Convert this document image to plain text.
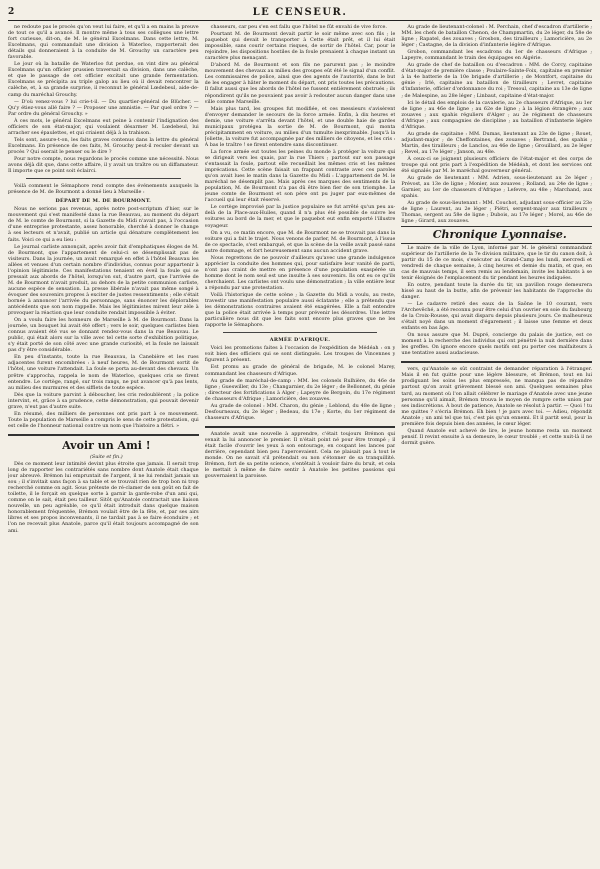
2	LE CENSEUR.

ne redoute pas le procès qu'on veut lui faire, et qu'il a en mains la preuve de tout ce qu'il a avancé. Il montre même à tous ses collègues une lettre fort curieuse, dit-on, de M. le général Excelmans. Dans cette lettre, M. Excelmans, qui commandait une division à Waterloo, rapporterait des détails qui donneraient à la conduite de M. Grouchy un caractère peu favorable.

Le jour où la bataille de Waterloo fut perdue, on vint dire au général Excelmans qu'un officier prussien traversait sa division, dans une calèche, et que le passage de cet officier excitait une grande fermentation. Excelmans se précipita au triple galop au lieu où il devait rencontrer la calèche, et, à sa grande surprise, il reconnut le général Lœdebeul, aide-de-camp du maréchal Grouchy.

— D'où venez-vous ? lui crie-t-il. — Du quartier-général de Blücher. — Qu'y étiez-vous allé faire ? — Proposer une amnistie. — Par quel ordre ? — Par ordre du général Grouchy. »

À ces mots, le général Excelmans eut peine à contenir l'indignation des officiers de son état-major, qui voulaient désarmer M. Lœdebeul, lui arracher ses épaulettes, et qui criaient déjà à la trahison.

Tels sont, assure-t-on, les faits graves contenus dans la lettre du général Excelmans. En présence de ces faits, M. Grouchy peut-il reculer devant un procès ? Qui oserait le penser ou le dire ?

Pour notre compte, nous regardons le procès comme une nécessité. Nous avons déjà dit que, dans cette affaire, il y avait un traître ou un diffamateur. Il importe que ce point soit éclairci.

Voilà comment le Sémaphore rend compte des événements auxquels la présence de M. de Bourmont a donné lieu à Marseille :

DÉPART DE M. DE BOURMONT.

Nous ne serions pas revenus, après notre post-scriptum d'hier, sur le mouvement qui s'est manifesté dans la rue Beauvau, au moment du départ de M. le comte de Bourmont, si la Gazette du Midi n'avait pas, à l'occasion d'une entreprise protestante, assez honorable, cherché à donner le change à ses lecteurs et n'avait, publié un article qui dénature complètement les faits. Voici ce qui a eu lieu :

Le journal carliste annonçait, après avoir fait d'emphatiques éloges de M. de Bourmont, que l'appartement de celui-ci se désemplissait pas de visiteurs. Dans la journée, un avait remarqué en effet à l'hôtel Beauvau les allées et venues d'un certain nombre d'individus, connus pour appartenir à l'opinion légitimiste. Ces manifestations tenaient en éveil la foule qui se pressait aux abords de l'hôtel, lorsqu'on sut, d'autre part, que l'arrivée de M. de Bourmont n'avait produit, au dehors de la petite communion carliste, aucune espèce de sensation. La presse libérale n'avait pas même songé à évoquer des souvenirs propres à exciter de justes ressentiments ; elle s'était bornée à annoncer l'arrivée du personnage, sans énoncer les déplorables antécédents que son nom rappelle. Mais les légitimistes mirent leur zèle à provoquer la réaction que leur conduite rendait impossible à éviter.

On a voulu faire les honneurs de Marseille à M. de Bourmont. Dans la journée, un bouquet lui avait été offert ; vers le soir, quelques carlistes bien connus avaient été vus se donnant rendez-vous dans la rue Beauvau. Le public, qui était alors sur la ville avec tel cette sorte d'exhibition politique, s'y était porté de son côté avec une grande curiosité, et la foule ne laissait pas d'y être considérable.

En peu d'instants, toute la rue Beauvau, la Canebière et les rues adjacentes furent encombrées : à neuf heures, M. de Bourmont sortit de l'hôtel, une voiture l'attendait. La foule se porta au-devant des chevaux. Un prêtre s'approcha, rappela le nom de Waterloo, quelques cris se firent entendre. Le cortège, rangé, sur trois rangs, ne put avancer qu'à pas lents, au milieu des murmures et des sifflets de toute espèce.

Dès que la voiture parvint à déboucher, les cris redoublèrent ; la police intervint, et, grâce à sa prudence, cette démonstration, qui pouvait devenir grave, n'eut pas d'autre suite.

En résumé, des milliers de personnes ont pris part à ce mouvement. Toute la population de Marseille a compris le sens de cette protestation, qui est celle de l'honneur national contre un nom que l'histoire a flétri. »

Avoir un Ami !

(Suite et fin.)

Dès ce moment leur intimité devint plus étroite que jamais. Il serait trop long de rapporter les contrariétés sans nombre dont Anatole était chaque jour abreuvé. Brémon lui empruntait de l'argent, il ne lui rendait jamais un sou ; il s'invitait sans façon à sa table et se trouvait rien de trop bon ni trop recherché comme on agit. Sous prétexte de ré-clamer de son goût en fait de toilette, il le forçait en quelque sorte à garnir la garde-robe d'un ami qui, comme on le sait, était peu tailleur. Sitôt qu'Anatole contractait une liaison nouvelle, un peu agréable, ce qu'il était introduit dans quelque maison honorablement fréquentée, Brémon voulait être de la fête, et, par ses airs libres et ses propos inconvenants, il ne tardait pas à se faire éconduire ; et l'on ne recevait plus Anatole, parce qu'il était toujours accompagné de son ami.

chasseurs, car peu s'en est fallu que l'hôtel ne fût envahi de vive force.

Pourtant M. de Bourmont devait partir le soir même avec son fils ; le paquebot qui devait le transporter à Cette était prêt, et il lui était impossible, sans courir certains risques, de sortir de l'hôtel. Car, pour le rejoindre, les dispositions hostiles de la foule prenaient à chaque instant un caractère plus menaçant.

D'abord M. de Bourmont et son fils ne parurent pas ; le moindre mouvement des chevaux au milieu des groupes eût été le signal d'un conflit. Les commissaires de police, ainsi que des agents de l'autorité, dans le but de les engager à hâter le moment du départ, ont pris toutes les précautions. Il fallut aussi que les abords de l'hôtel ne fussent entièrement obstrués ; ils répondirent qu'ils ne pouvaient pas avoir à redouter aucun danger dans une ville comme Marseille.

Mais plus tard, les groupes fut modifiée, et ces messieurs s'avisèrent d'envoyer demander le secours de la force armée. Enfin, à dix heures et demie, une voiture s'arrêta devant l'hôtel, et une double haie de gardes municipaux protégea la sortie de M. de Bourmont, qui monta précipitamment en voiture, au milieu d'un tumulte inexprimable. Jusqu'à la Joliette, la voiture fut accompagnée par des milliers de citoyens, et les cris : À bas le traître ! se firent entendre sans discontinuer.

La force armée eut toutes les peines du monde à protéger la voiture qui se dirigeait vers les quais, par la rue Thiers ; partout sur son passage s'entassait la foule, partout elle recueillait les mêmes cris et les mêmes imprécations. Cette scène faisait un frappant contraste avec ces paroles qu'on avait lues le matin dans la Gazette du Midi : L'appartement de M. le maréchal ne désemplit pas. Mais après ces marques des sentiments de la population, M. de Bourmont n'a pas dû être bien fier de son triomphe. Le jeune comte de Bourmont et son père ont pu juger par eux-mêmes de l'accueil qui leur était réservé.

Le cortège improvisé par la justice populaire se fut arrêté qu'un peu au-delà de la Place-aux-Huiles, quand il n'a plus été possible de suivre les voitures au bord de la mer, et que le paquebot eut enfin emporté l'illustre voyageur.

On a vu, ce matin encore, que M. de Bourmont ne se trouvait pas dans la voiture qui a fait le trajet. Nous venons de parler, M. de Bourmont, à l'issue de ce spectacle, s'est embarqué, et que la scène de la veille avait passé sans autre dommage, et fort heureusement sans aucun accident grave.

Nous regrettons de ne pouvoir d'ailleurs qu'avec une grande indulgence apprécier la conduite des hommes qui, pour satisfaire leur vanité de parti, n'ont pas craint de mettre en présence d'une population exaspérée un homme dont le nom seul est une insulte à ses souvenirs. Ils ont eu ce qu'ils cherchaient. Les carlistes ont voulu une démonstration ; la ville entière leur a répondu par une protestation.

Voilà l'historique de cette scène ; la Gazette du Midi a voulu, au reste, travestir une manifestation populaire aussi éclatante ; elle a prétendu que les démonstrations contraires avaient été exagérées. Elle a fait entendre que la police était arrivée à temps pour prévenir les désordres. Une lettre particulière nous dit que les faits sont encore plus graves que ne les rapporte le Sémaphore.

ARMÉE D'AFRIQUE.

Voici les promotions faites à l'occasion de l'expédition de Médéah : on y voit bien des officiers qui se sont distingués. Les troupes de Vincennes y figurent à présent.

Est promu au grade de général de brigade, M. le colonel Marey, commandant les chasseurs d'Afrique.

Au grade de maréchal-de-camp : MM. les colonels Rulhière, du 46e de ligne ; Gueswiller, du 13e ; Changarnier, du 2e léger ; de Bellonnet, du génie ; directeur des fortifications à Alger ; Lapeyre de Bergoin, du 17e régiment de chasseurs d'Afrique ; Lamoricière, des zouaves.

Au grade de colonel : MM. Charon, du génie ; Leblond, du 48e de ligne ; Desfourneaux, du 2e léger ; Bedeau, du 17e ; Korte, du 1er régiment de chasseurs d'Afrique.

Anatole avait une nouvelle à apprendre, c'était toujours Brémon qui venait la lui annoncer le premier. Il n'était point né pour être trompé ; il était facile d'ouvrir les yeux à son entourage, en coupant les lances par derrière, cependant bien peu l'apercevaient. Cela ne plaisait pas à tout le monde. On ne savait s'il prétendait ou non s'étonner de sa tranquillité. Brémon, fort de sa petite science, s'entêtait à vouloir faire du bruit, et cela le mettait à même de faire sentir à Anatole les petites passions qui gouvernaient la paroisse.

Au grade de lieutenant-colonel : M. Perchain, chef d'escadron d'artillerie ; MM. les chefs de bataillon Chenon, de Champmartin, du 2e léger, du 58e de ligne ; Rapatel, des zouaves ; Grosbon, des tirailleurs ; Lamoricière, au 2e léger ; Castagne, de la division d'infanterie légère d'Afrique.

Grobon, commandant les escadrons du 1er de chasseurs d'Afrique ; Lapeyre, commandant le train des équipages en Algérie.

Au grade de chef de bataillon ou d'escadron : MM. de Corcy, capitaine d'état-major de première classe ; Poulaire-Sainte-Foix, capitaine en premier à la 4e batterie de la 10e brigade d'artillerie ; de Montfort, capitaine du génie ; Irlé, capitaine au bataillon de tirailleurs ; Levret, capitaine d'infanterie, officier d'ordonnance du roi ; Tresoul, capitaine au 13e de ligne ; de Malespine, au 28e léger ; Linbaut, capitaine d'état-major.

Ici le détail des emplois de la cavalerie, au 2e chasseurs d'Afrique, au 1er de ligne ; au 46e de ligne ; au 62e de ligne ; à la légion étrangère ; aux zouaves ; aux spahis réguliers d'Alger ; au 2e régiment de chasseurs d'Afrique ; aux compagnies de discipline ; au bataillon d'infanterie légère d'Afrique.

Au grade de capitaine : MM. Dumas, lieutenant au 23e de ligne ; Rouet, adjudant-major ; de Cheffontaines, des zouaves ; Bertrand, des spahis ; Martin, des tirailleurs ; de Lanclos, au 46e de ligne ; Grouillard, au 2e léger ; Revel, au 17e léger ; Janson, au 48e.

À ceux-ci se joignent plusieurs officiers de l'état-major et des corps de troupe qui ont pris part à l'expédition de Médéah, et dont les services ont été signalés par M. le maréchal gouverneur général.

Au grade de lieutenant : MM. Adrien, sous-lieutenant au 2e léger ; Prévost, au 13e de ligne ; Monier, aux zouaves ; Rolland, au 24e de ligne ; Garnier, au 1er de chasseurs d'Afrique ; Lefevre, au 48e ; Marchand, aux spahis.

Au grade de sous-lieutenant : MM. Couchot, adjudant sous-officier au 23e de ligne ; Laurent, au 2e léger ; Piétri, sergent-major aux tirailleurs ; Thomas, sergent au 58e de ligne ; Dubois, au 17e léger ; Morel, au 46e de ligne ; Girard, aux zouaves.

Chronique Lyonnaise.

Le maire de la ville de Lyon, informé par M. le général commandant supérieur de l'artillerie de la 7e division militaire, que le tir du canon doit, à partir du 15 de ce mois, s'exécuter au Grand-Camp les lundi, mercredi et vendredi de chaque semaine, à cinq heures et demie du matin, et que, en cas de mauvais temps, il sera remis au lendemain, invite les habitants à se tenir éloignés de l'emplacement du tir pendant les heures indiquées.

En outre, pendant toute la durée du tir, un pavillon rouge demeurera hissé au haut de la butte, afin de prévenir les habitants de l'approche du danger.

— Le cadavre retiré des eaux de la Saône le 10 courant, vers l'Archevêché, a été reconnu pour être celui d'un ouvrier en soie du faubourg de la Croix-Rousse, qui avait disparu depuis plusieurs jours. Ce malheureux s'était noyé dans un moment d'égarement ; il laisse une femme et deux enfants en bas âge.

On nous assure que M. Dupré, concierge du palais de justice, est ce moment à la recherche des individus qui ont pénétré la nuit dernière dans les greffes. On ignore encore quels motifs ont pu porter ces malfaiteurs à une tentative aussi audacieuse.

vers, qu'Anatole se sût contraint de demander réparation à l'étranger. Mais il en fut quitte pour une légère blessure, et Brémon, tout en lui prodiguant les soins les plus empressés, ne manqua pas de répandre partout qu'on avait grièvement blessé son ami. Quelques semaines plus tard, au moment où l'on allait célébrer le mariage d'Anatole avec une jeune personne qu'il aimait, Brémon trouva le moyen de rompre cette union par ses indiscrétions. À bout de patience, Anatole se résolut à partir. — Quoi ! tu me quittes ? s'écria Brémon. Eh bien ! je pars avec toi. — Adieu, répondit Anatole ; un ami tel que toi, c'est pis qu'un ennemi. Et il partit seul, pour la première fois depuis bien des années, le cœur léger.

Quand Anatole eut achevé de lire, le jeune homme resta un moment pensif. Il revint ensuite à sa demeure, le cœur troublé ; et cette nuit-là il ne dormit guère.
